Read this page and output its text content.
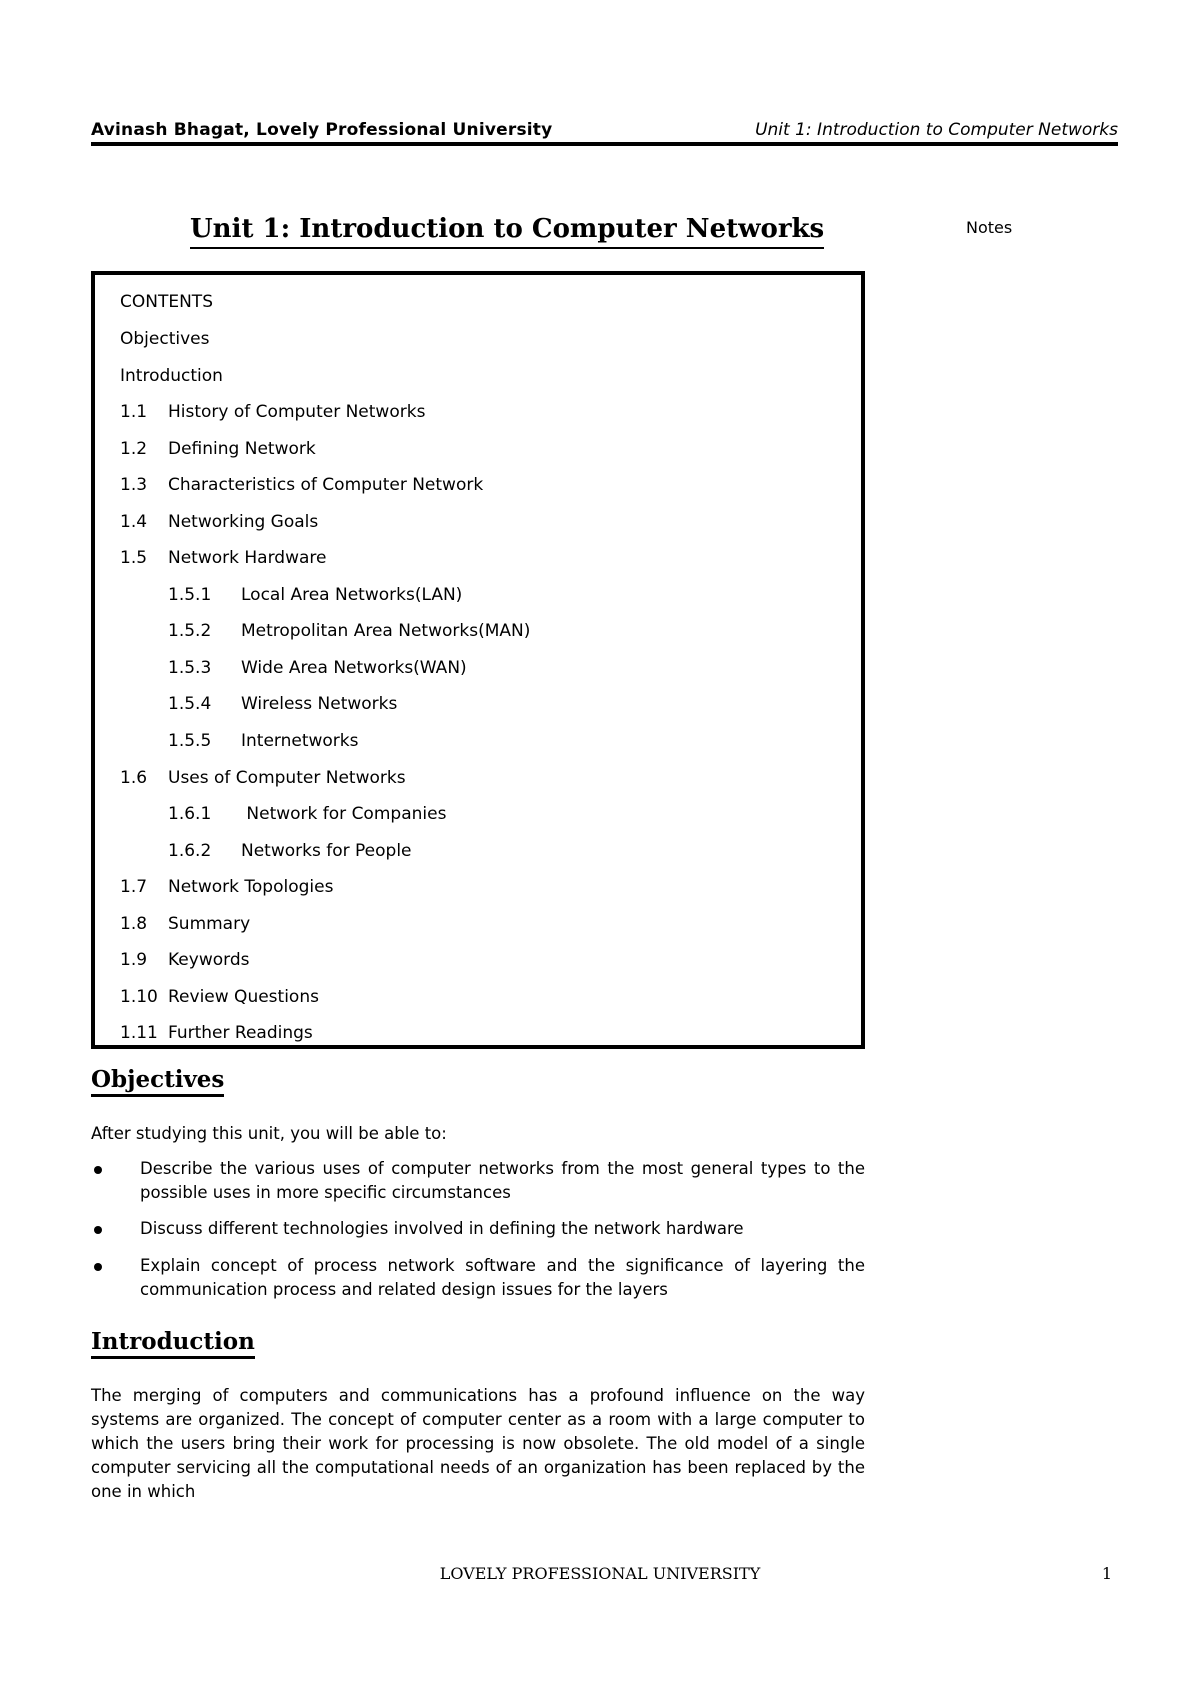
Avinash Bhagat, Lovely Professional University	Unit 1: Introduction to Computer Networks
Unit 1: Introduction to Computer Networks	Notes
CONTENTS
Objectives
Introduction
1.1 History of Computer Networks
1.2 Defining Network
1.3 Characteristics of Computer Network
1.4 Networking Goals
1.5 Network Hardware
1.5.1 Local Area Networks(LAN)
1.5.2 Metropolitan Area Networks(MAN)
1.5.3 Wide Area Networks(WAN)
1.5.4 Wireless Networks
1.5.5 Internetworks
1.6 Uses of Computer Networks
1.6.1 Network for Companies
1.6.2 Networks for People
1.7 Network Topologies
1.8 Summary
1.9 Keywords
1.10 Review Questions
1.11 Further Readings
Objectives
After studying this unit, you will be able to:
Describe the various uses of computer networks from the most general types to the possible uses in more specific circumstances
Discuss different technologies involved in defining the network hardware
Explain concept of process network software and the significance of layering the communication process and related design issues for the layers
Introduction
The merging of computers and communications has a profound influence on the way systems are organized. The concept of computer center as a room with a large computer to which the users bring their work for processing is now obsolete. The old model of a single computer servicing all the computational needs of an organization has been replaced by the one in which
LOVELY PROFESSIONAL UNIVERSITY	1
